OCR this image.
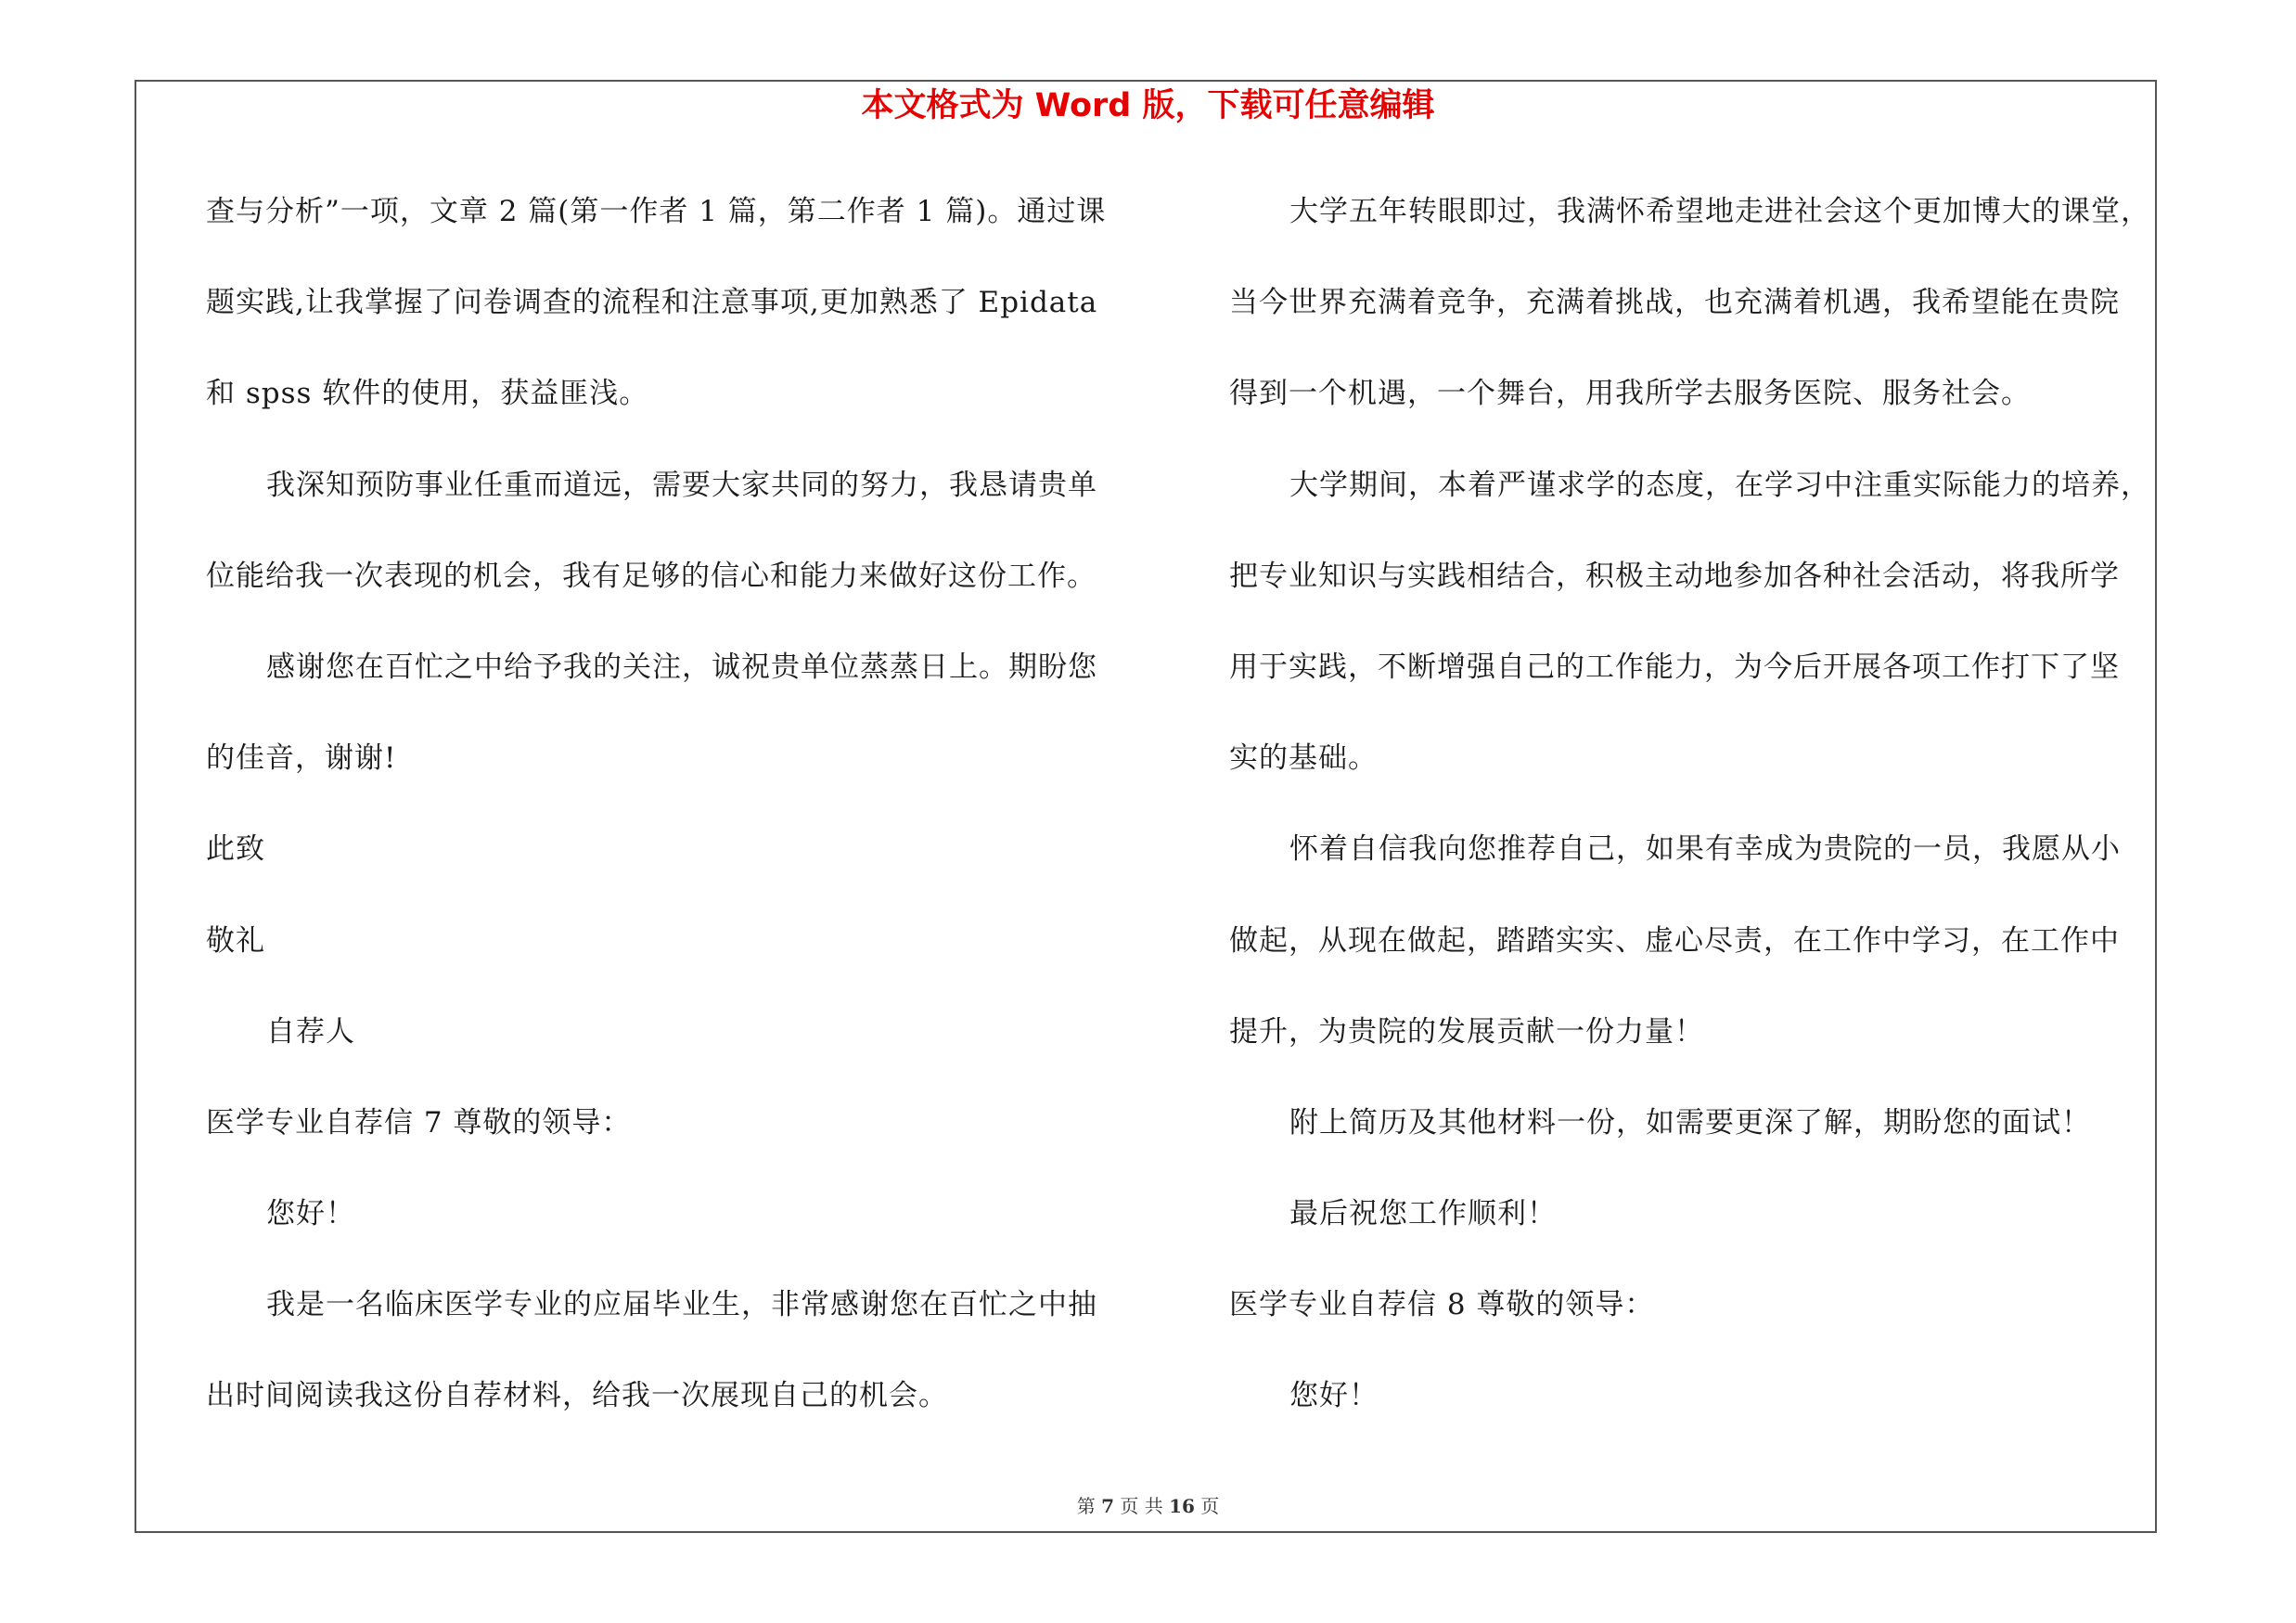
本文格式为 Word 版，下载可任意编辑
查与分析”一项，文章 2 篇(第一作者 1 篇，第二作者 1 篇)。通过课
题实践,让我掌握了问卷调查的流程和注意事项,更加熟悉了 Epidata
和 spss 软件的使用，获益匪浅。
我深知预防事业任重而道远，需要大家共同的努力，我恳请贵单
位能给我一次表现的机会，我有足够的信心和能力来做好这份工作。
感谢您在百忙之中给予我的关注，诚祝贵单位蒸蒸日上。期盼您
的佳音，谢谢!
此致
敬礼
自荐人
医学专业自荐信 7 尊敬的领导：
您好！
我是一名临床医学专业的应届毕业生，非常感谢您在百忙之中抽
出时间阅读我这份自荐材料，给我一次展现自己的机会。
大学五年转眼即过，我满怀希望地走进社会这个更加博大的课堂，
当今世界充满着竞争，充满着挑战，也充满着机遇，我希望能在贵院
得到一个机遇，一个舞台，用我所学去服务医院、服务社会。
大学期间，本着严谨求学的态度，在学习中注重实际能力的培养，
把专业知识与实践相结合，积极主动地参加各种社会活动，将我所学
用于实践，不断增强自己的工作能力，为今后开展各项工作打下了坚
实的基础。
怀着自信我向您推荐自己，如果有幸成为贵院的一员，我愿从小
做起，从现在做起，踏踏实实、虚心尽责，在工作中学习，在工作中
提升，为贵院的发展贡献一份力量！
附上简历及其他材料一份，如需要更深了解，期盼您的面试！
最后祝您工作顺利！
医学专业自荐信 8 尊敬的领导：
您好！
第 7 页 共 16 页
